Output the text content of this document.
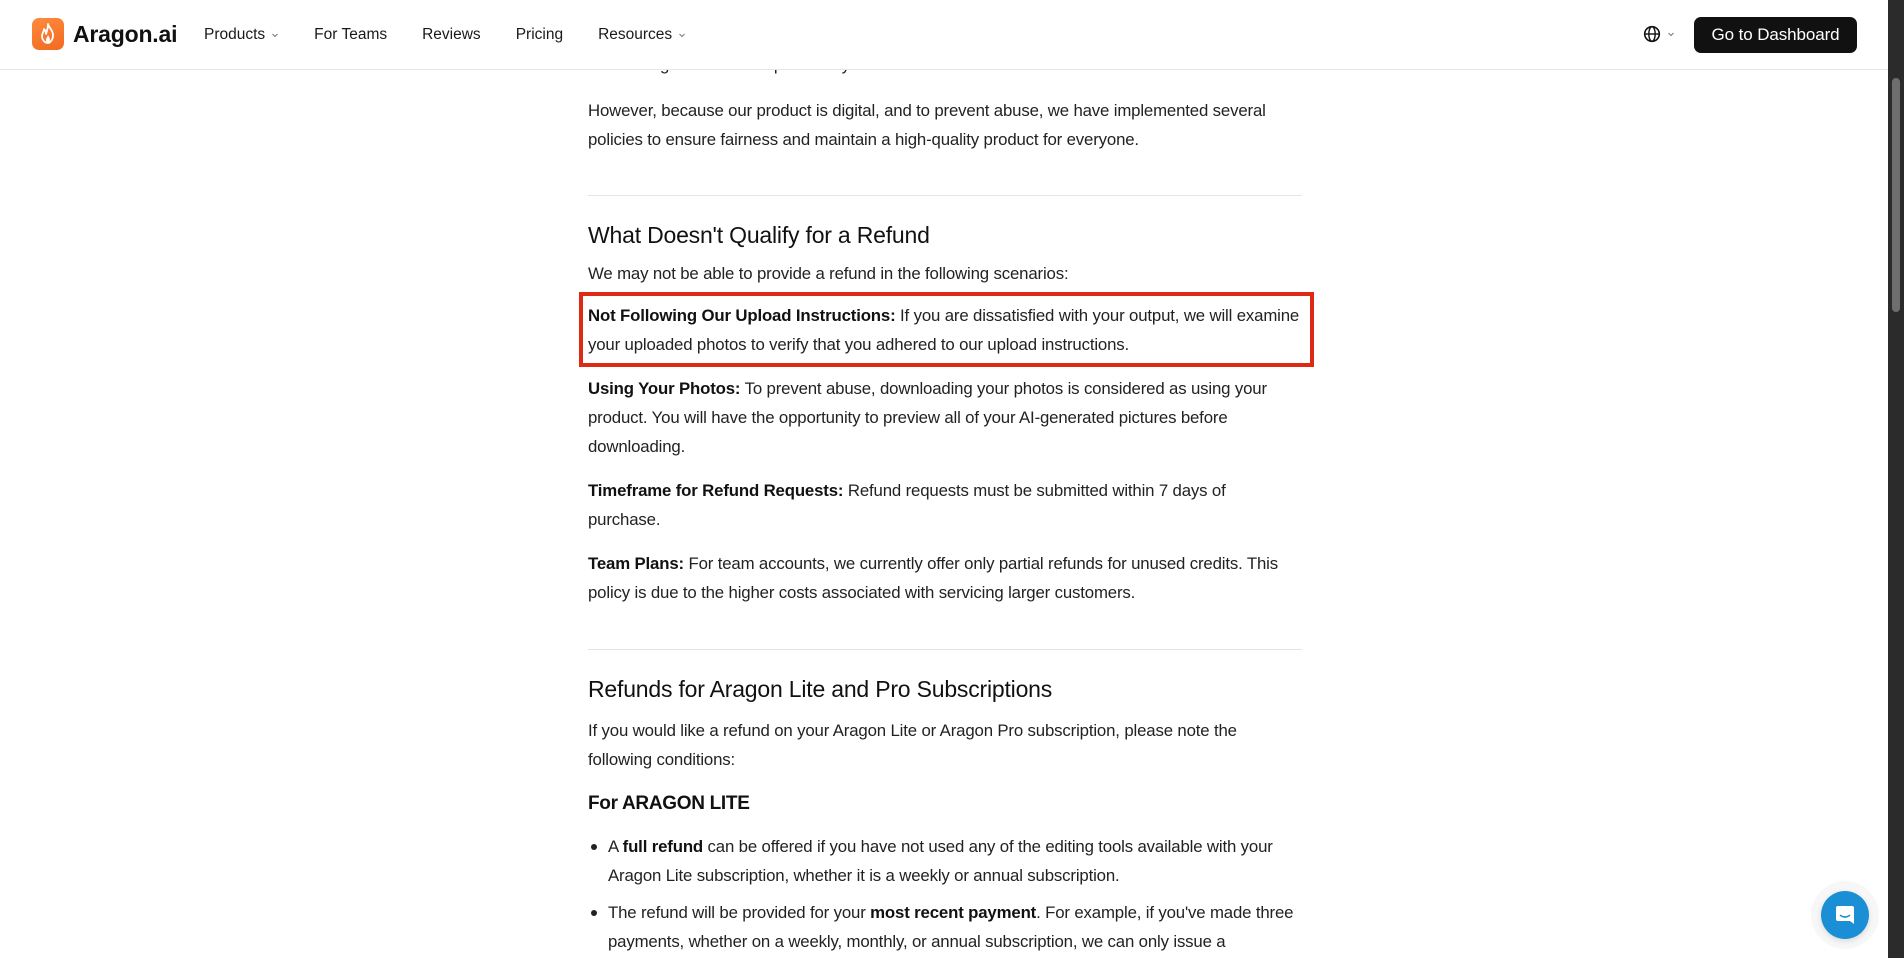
Aragon.ai Products	For Teams Reviews Pricing Resources	Go to Dashboard

However, because our product is digital, and to prevent abuse, we have implemented several policies to ensure fairness and maintain a high-quality product for everyone.

What Doesn't Qualify for a Refund

We may not be able to provide a refund in the following scenarios:

Not Following Our Upload Instructions: If you are dissatisfied with your output, we will examine your uploaded photos to verify that you adhered to our upload instructions.

Using Your Photos: To prevent abuse, downloading your photos is considered as using your product. You will have the opportunity to preview all of your AI-generated pictures before downloading.

Timeframe for Refund Requests: Refund requests must be submitted within 7 days of purchase.

Team Plans: For team accounts, we currently offer only partial refunds for unused credits. This policy is due to the higher costs associated with servicing larger customers.

Refunds for Aragon Lite and Pro Subscriptions

If you would like a refund on your Aragon Lite or Aragon Pro subscription, please note the following conditions:

For ARAGON LITE
A full refund can be offered if you have not used any of the editing tools available with your Aragon Lite subscription, whether it is a weekly or annual subscription.
The refund will be provided for your most recent payment. For example, if you've made three payments, whether on a weekly, monthly, or annual subscription, we can only issue a
